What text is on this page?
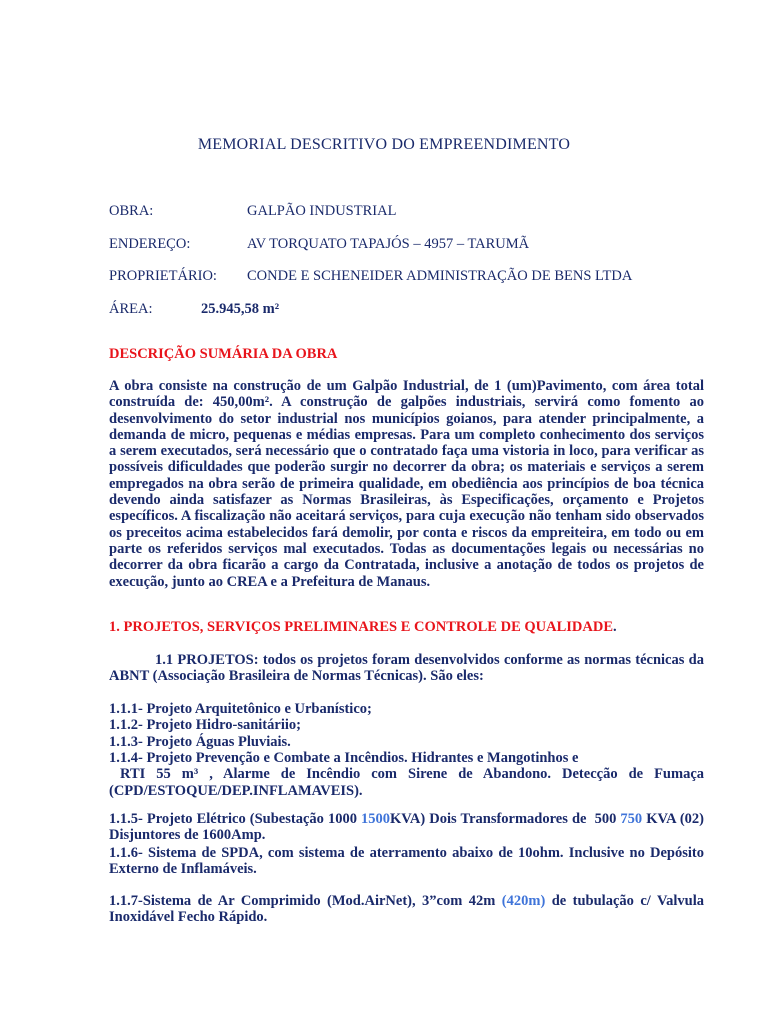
MEMORIAL DESCRITIVO DO EMPREENDIMENTO
OBRA:	GALPÃO INDUSTRIAL
ENDEREÇO:	AV TORQUATO TAPAJÓS – 4957 – TARUMÃ
PROPRIETÁRIO: CONDE E SCHENEIDER ADMINISTRAÇÃO DE BENS LTDA
ÁREA:	25.945,58 m²
DESCRIÇÃO SUMÁRIA DA OBRA
A obra consiste na construção de um Galpão Industrial, de 1 (um)Pavimento, com área total construída de: 450,00m². A construção de galpões industriais, servirá como fomento ao desenvolvimento do setor industrial nos municípios goianos, para atender principalmente, a demanda de micro, pequenas e médias empresas. Para um completo conhecimento dos serviços a serem executados, será necessário que o contratado faça uma vistoria in loco, para verificar as possíveis dificuldades que poderão surgir no decorrer da obra; os materiais e serviços a serem empregados na obra serão de primeira qualidade, em obediência aos princípios de boa técnica devendo ainda satisfazer as Normas Brasileiras, às Especificações, orçamento e Projetos específicos. A fiscalização não aceitará serviços, para cuja execução não tenham sido observados os preceitos acima estabelecidos fará demolir, por conta e riscos da empreiteira, em todo ou em parte os referidos serviços mal executados. Todas as documentações legais ou necessárias no decorrer da obra ficarão a cargo da Contratada, inclusive a anotação de todos os projetos de execução, junto ao CREA e a Prefeitura de Manaus.
1. PROJETOS, SERVIÇOS PRELIMINARES E CONTROLE DE QUALIDADE.
1.1 PROJETOS: todos os projetos foram desenvolvidos conforme as normas técnicas da ABNT (Associação Brasileira de Normas Técnicas). São eles:
1.1.1- Projeto Arquitetônico e Urbanístico;
1.1.2- Projeto Hidro-sanitáriio;
1.1.3- Projeto Águas Pluviais.
1.1.4- Projeto Prevenção e Combate a Incêndios. Hidrantes e Mangotinhos e
RTI 55 m³ , Alarme de Incêndio com Sirene de Abandono. Detecção de Fumaça (CPD/ESTOQUE/DEP.INFLAMAVEIS).
1.1.5- Projeto Elétrico (Subestação 1000 1500KVA) Dois Transformadores de  500 750 KVA (02)     Disjuntores de 1600Amp.
1.1.6- Sistema de SPDA, com sistema de aterramento abaixo de 10ohm. Inclusive no Depósito Externo de Inflamáveis.
1.1.7-Sistema de Ar Comprimido (Mod.AirNet), 3”com 42m (420m) de tubulação c/ Valvula Inoxidável Fecho Rápido.
